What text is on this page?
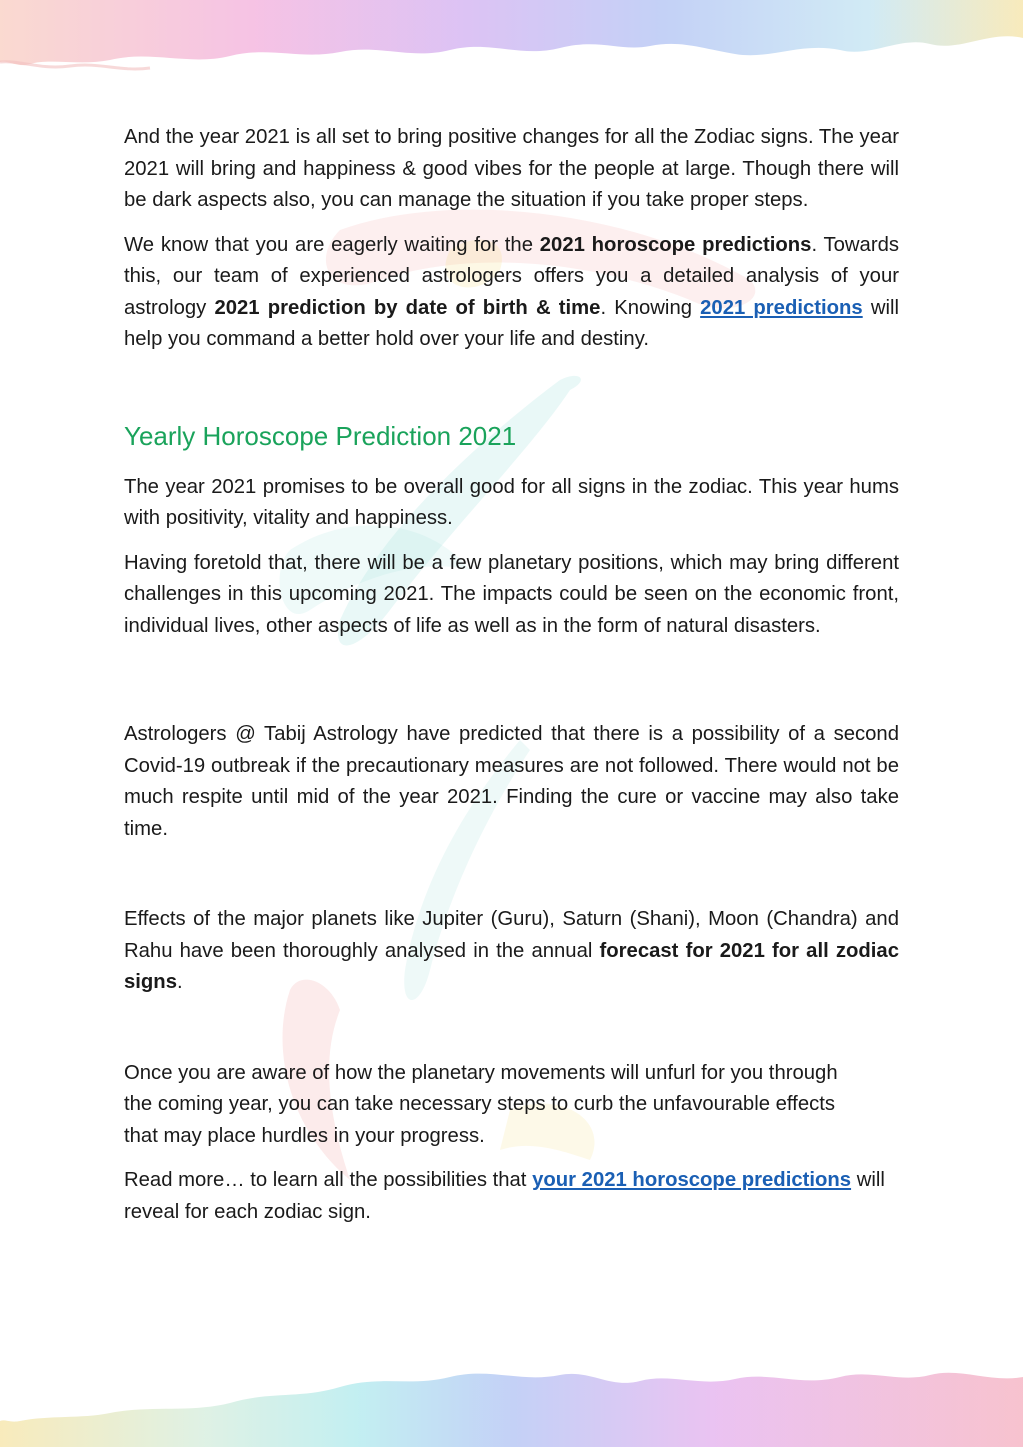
And the year 2021 is all set to bring positive changes for all the Zodiac signs. The year 2021 will bring and happiness & good vibes for the people at large. Though there will be dark aspects also, you can manage the situation if you take proper steps.

We know that you are eagerly waiting for the 2021 horoscope predictions. Towards this, our team of experienced astrologers offers you a detailed analysis of your astrology 2021 prediction by date of birth & time. Knowing 2021 predictions will help you command a better hold over your life and destiny.

Yearly Horoscope Prediction 2021

The year 2021 promises to be overall good for all signs in the zodiac. This year hums with positivity, vitality and happiness.

Having foretold that, there will be a few planetary positions, which may bring different challenges in this upcoming 2021. The impacts could be seen on the economic front, individual lives, other aspects of life as well as in the form of natural disasters.

Astrologers @ Tabij Astrology have predicted that there is a possibility of a second Covid-19 outbreak if the precautionary measures are not followed. There would not be much respite until mid of the year 2021. Finding the cure or vaccine may also take time.

Effects of the major planets like Jupiter (Guru), Saturn (Shani), Moon (Chandra) and Rahu have been thoroughly analysed in the annual forecast for 2021 for all zodiac signs.

Once you are aware of how the planetary movements will unfurl for you through the coming year, you can take necessary steps to curb the unfavourable effects that may place hurdles in your progress.

Read more… to learn all the possibilities that your 2021 horoscope predictions will reveal for each zodiac sign.
